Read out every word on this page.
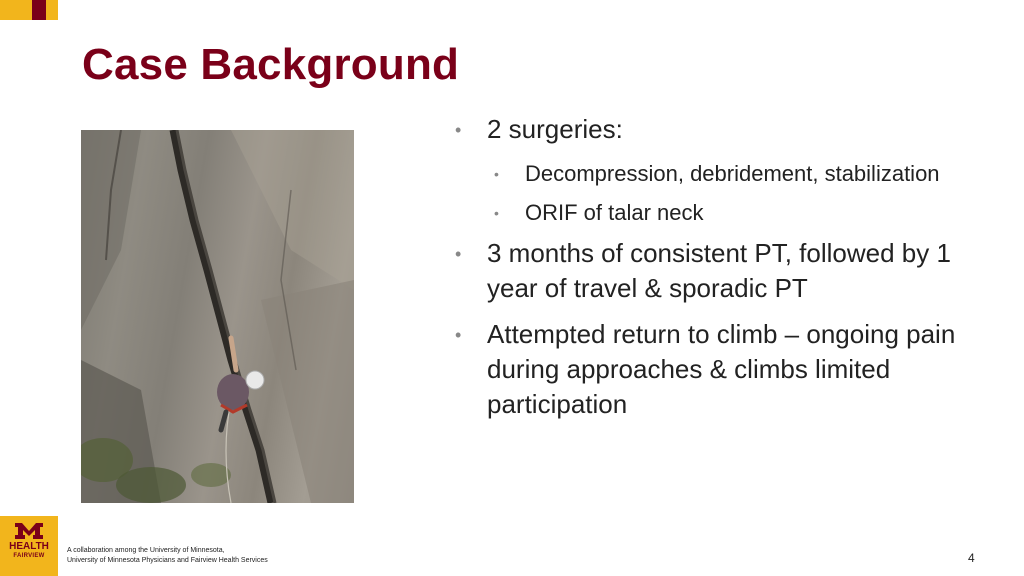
Case Background
• 2 surgeries:
• Decompression, debridement, stabilization
• ORIF of talar neck
• 3 months of consistent PT, followed by 1 year of travel & sporadic PT
• Attempted return to climb – ongoing pain during approaches & climbs limited participation
HEALTH
FAIRVIEW
A collaboration among the University of Minnesota,
University of Minnesota Physicians and Fairview Health Services	4
